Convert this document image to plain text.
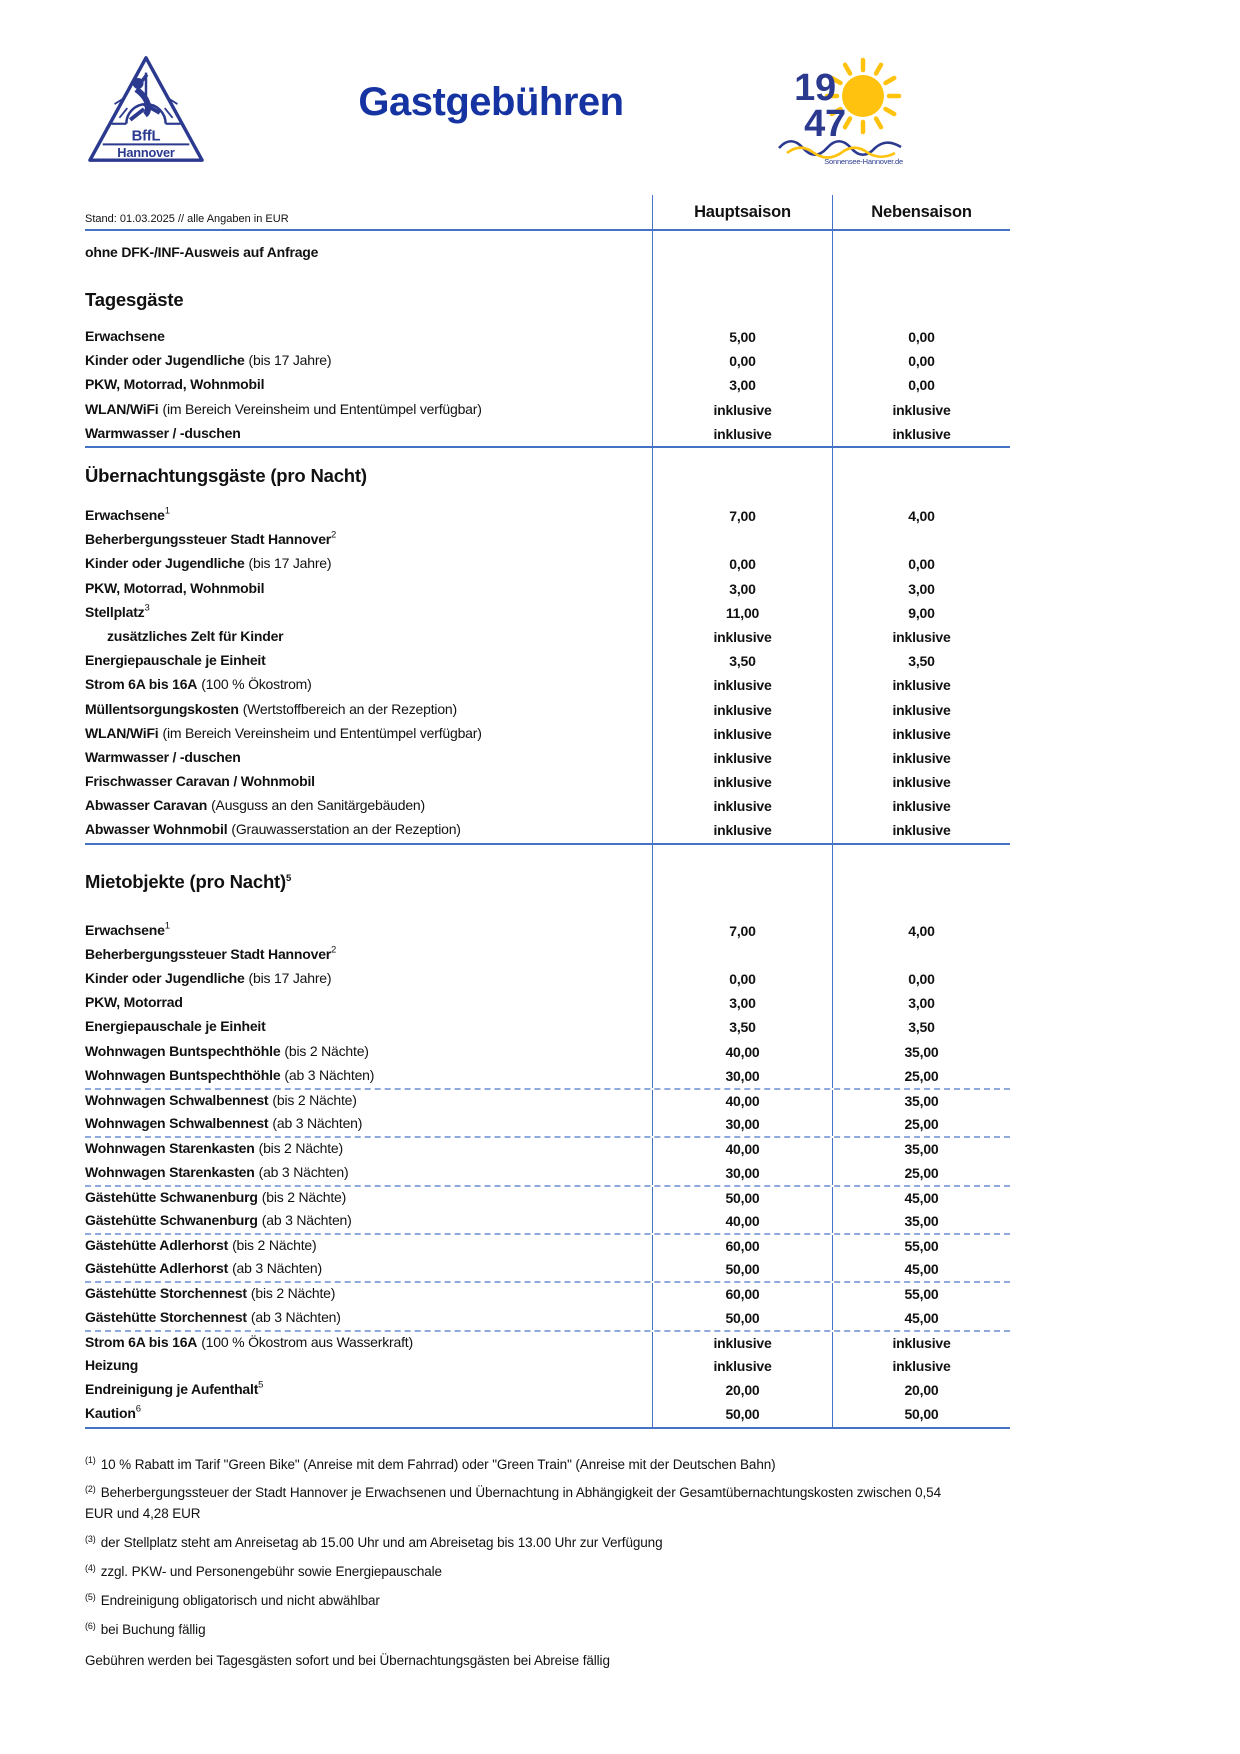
BffL
Hannover
Gastgebühren	19
47
Sonnensee-Hannover.de
Stand: 01.03.2025 // alle Angaben in EUR	Hauptsaison	Nebensaison
ohne DFK-/INF-Ausweis auf Anfrage
Tagesgäste
Erwachsene	5,00	0,00
Kinder oder Jugendliche (bis 17 Jahre)	0,00	0,00
PKW, Motorrad, Wohnmobil	3,00	0,00
WLAN/WiFi (im Bereich Vereinsheim und Ententümpel verfügbar)	inklusive	inklusive
Warmwasser / -duschen	inklusive	inklusive
Übernachtungsgäste (pro Nacht)
Erwachsene$^1$	7,00	4,00
Beherbergungssteuer Stadt Hannover$^2$
Kinder oder Jugendliche (bis 17 Jahre)	0,00	0,00
PKW, Motorrad, Wohnmobil	3,00	3,00
Stellplatz$^3$	11,00	9,00
zusätzliches Zelt für Kinder	inklusive	inklusive
Energiepauschale je Einheit	3,50	3,50
Strom 6A bis 16A (100 % Ökostrom)	inklusive	inklusive
Müllentsorgungskosten (Wertstoffbereich an der Rezeption)	inklusive	inklusive
WLAN/WiFi (im Bereich Vereinsheim und Ententümpel verfügbar)	inklusive	inklusive
Warmwasser / -duschen	inklusive	inklusive
Frischwasser Caravan / Wohnmobil	inklusive	inklusive
Abwasser Caravan (Ausguss an den Sanitärgebäuden)	inklusive	inklusive
Abwasser Wohnmobil (Grauwasserstation an der Rezeption)	inklusive	inklusive
Mietobjekte (pro Nacht)$^5$
Erwachsene$^1$	7,00	4,00
Beherbergungssteuer Stadt Hannover$^2$
Kinder oder Jugendliche (bis 17 Jahre)	0,00	0,00
PKW, Motorrad	3,00	3,00
Energiepauschale je Einheit	3,50	3,50
Wohnwagen Buntspechthöhle (bis 2 Nächte)	40,00	35,00
Wohnwagen Buntspechthöhle (ab 3 Nächten)	30,00	25,00
Wohnwagen Schwalbennest (bis 2 Nächte)	40,00	35,00
Wohnwagen Schwalbennest (ab 3 Nächten)	30,00	25,00
Wohnwagen Starenkasten (bis 2 Nächte)	40,00	35,00
Wohnwagen Starenkasten (ab 3 Nächten)	30,00	25,00
Gästehütte Schwanenburg (bis 2 Nächte)	50,00	45,00
Gästehütte Schwanenburg (ab 3 Nächten)	40,00	35,00
Gästehütte Adlerhorst (bis 2 Nächte)	60,00	55,00
Gästehütte Adlerhorst (ab 3 Nächten)	50,00	45,00
Gästehütte Storchennest (bis 2 Nächte)	60,00	55,00
Gästehütte Storchennest (ab 3 Nächten)	50,00	45,00
Strom 6A bis 16A (100 % Ökostrom aus Wasserkraft)	inklusive	inklusive
Heizung	inklusive	inklusive
Endreinigung je Aufenthalt$^5$	20,00	20,00
Kaution$^6$	50,00	50,00

$^{(1)}$ 10 % Rabatt im Tarif "Green Bike" (Anreise mit dem Fahrrad) oder "Green Train" (Anreise mit der Deutschen Bahn)

$^{(2)}$ Beherbergungssteuer der Stadt Hannover je Erwachsenen und Übernachtung in Abhängigkeit der Gesamtübernachtungskosten zwischen 0,54 EUR und 4,28 EUR

$^{(3)}$ der Stellplatz steht am Anreisetag ab 15.00 Uhr und am Abreisetag bis 13.00 Uhr zur Verfügung

$^{(4)}$ zzgl. PKW- und Personengebühr sowie Energiepauschale

$^{(5)}$ Endreinigung obligatorisch und nicht abwählbar

$^{(6)}$ bei Buchung fällig

Gebühren werden bei Tagesgästen sofort und bei Übernachtungsgästen bei Abreise fällig
